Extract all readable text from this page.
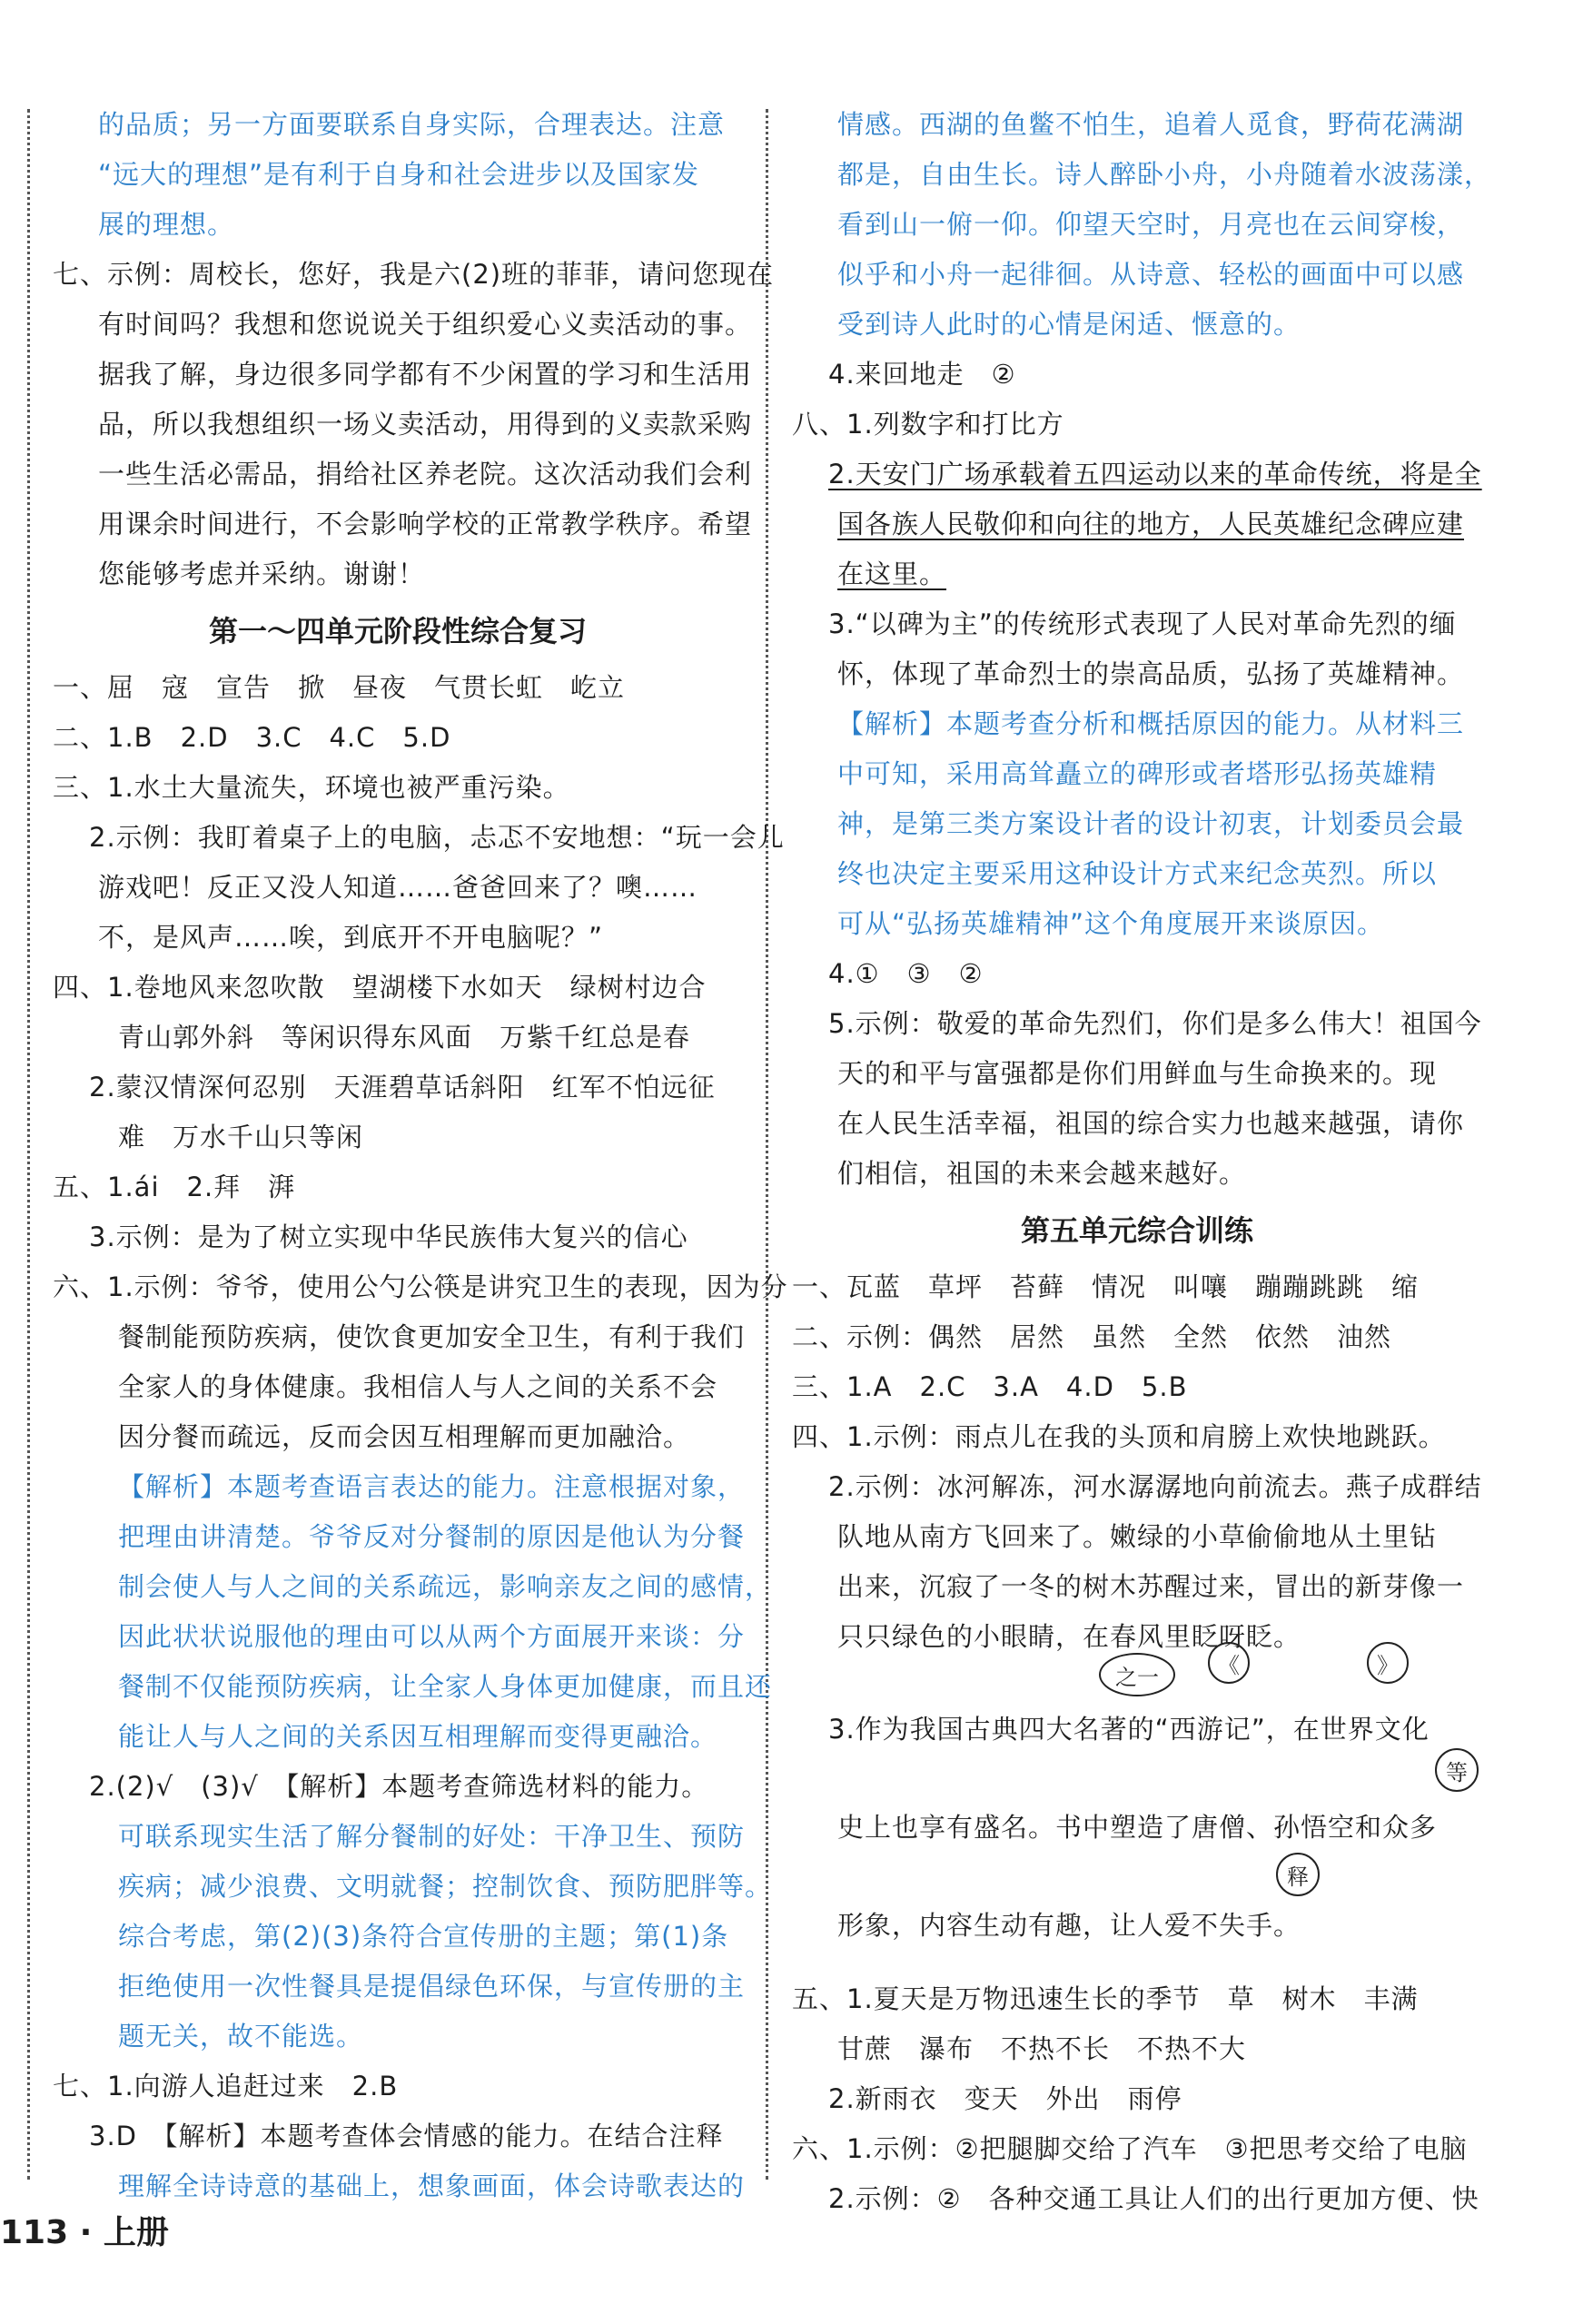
的品质；另一方面要联系自身实际，合理表达。注意
“远大的理想”是有利于自身和社会进步以及国家发
展的理想。
七、示例：周校长，您好，我是六(2)班的菲菲，请问您现在
有时间吗？我想和您说说关于组织爱心义卖活动的事。
据我了解，身边很多同学都有不少闲置的学习和生活用
品，所以我想组织一场义卖活动，用得到的义卖款采购
一些生活必需品，捐给社区养老院。这次活动我们会利
用课余时间进行，不会影响学校的正常教学秩序。希望
您能够考虑并采纳。谢谢！
第一～四单元阶段性综合复习
一、屈　寇　宣告　掀　昼夜　气贯长虹　屹立
二、1.B　2.D　3.C　4.C　5.D
三、1.水土大量流失，环境也被严重污染。
2.示例：我盯着桌子上的电脑，忐忑不安地想：“玩一会儿
游戏吧！反正又没人知道……爸爸回来了？噢……
不，是风声……唉，到底开不开电脑呢？”
四、1.卷地风来忽吹散　望湖楼下水如天　绿树村边合
青山郭外斜　等闲识得东风面　万紫千红总是春
2.蒙汉情深何忍别　天涯碧草话斜阳　红军不怕远征
难　万水千山只等闲
五、1.ái　2.拜　湃
3.示例：是为了树立实现中华民族伟大复兴的信心
六、1.示例：爷爷，使用公勺公筷是讲究卫生的表现，因为分
餐制能预防疾病，使饮食更加安全卫生，有利于我们
全家人的身体健康。我相信人与人之间的关系不会
因分餐而疏远，反而会因互相理解而更加融洽。
【解析】本题考查语言表达的能力。注意根据对象，
把理由讲清楚。爷爷反对分餐制的原因是他认为分餐
制会使人与人之间的关系疏远，影响亲友之间的感情，
因此状状说服他的理由可以从两个方面展开来谈：分
餐制不仅能预防疾病，让全家人身体更加健康，而且还
能让人与人之间的关系因互相理解而变得更融洽。
2.(2)√　(3)√　【解析】本题考查筛选材料的能力。
可联系现实生活了解分餐制的好处：干净卫生、预防
疾病；减少浪费、文明就餐；控制饮食、预防肥胖等。
综合考虑，第(2)(3)条符合宣传册的主题；第(1)条
拒绝使用一次性餐具是提倡绿色环保，与宣传册的主
题无关，故不能选。
七、1.向游人追赶过来　2.B
3.D　【解析】本题考查体会情感的能力。在结合注释
理解全诗诗意的基础上，想象画面，体会诗歌表达的
情感。西湖的鱼鳖不怕生，追着人觅食，野荷花满湖
都是，自由生长。诗人醉卧小舟，小舟随着水波荡漾，
看到山一俯一仰。仰望天空时，月亮也在云间穿梭，
似乎和小舟一起徘徊。从诗意、轻松的画面中可以感
受到诗人此时的心情是闲适、惬意的。
4.来回地走　②
八、1.列数字和打比方
2.天安门广场承载着五四运动以来的革命传统，将是全
国各族人民敬仰和向往的地方，人民英雄纪念碑应建
在这里。
3.“以碑为主”的传统形式表现了人民对革命先烈的缅
怀，体现了革命烈士的崇高品质，弘扬了英雄精神。
【解析】本题考查分析和概括原因的能力。从材料三
中可知，采用高耸矗立的碑形或者塔形弘扬英雄精
神，是第三类方案设计者的设计初衷，计划委员会最
终也决定主要采用这种设计方式来纪念英烈。所以
可从“弘扬英雄精神”这个角度展开来谈原因。
4.①　③　②
5.示例：敬爱的革命先烈们，你们是多么伟大！祖国今
天的和平与富强都是你们用鲜血与生命换来的。现
在人民生活幸福，祖国的综合实力也越来越强，请你
们相信，祖国的未来会越来越好。
第五单元综合训练
一、瓦蓝　草坪　苔藓　情况　叫嚷　蹦蹦跳跳　缩
二、示例：偶然　居然　虽然　全然　依然　油然
三、1.A　2.C　3.A　4.D　5.B
四、1.示例：雨点儿在我的头顶和肩膀上欢快地跳跃。
2.示例：冰河解冻，河水潺潺地向前流去。燕子成群结
队地从南方飞回来了。嫩绿的小草偷偷地从土里钻
出来，沉寂了一冬的树木苏醒过来，冒出的新芽像一
只只绿色的小眼睛，在春风里眨呀眨。
3.作为我国古典四大名著的“西游记”，在世界文化
史上也享有盛名。书中塑造了唐僧、孙悟空和众多
形象，内容生动有趣，让人爱不失手。
五、1.夏天是万物迅速生长的季节　草　树木　丰满
甘蔗　瀑布　不热不长　不热不大
2.新雨衣　变天　外出　雨停
六、1.示例：②把腿脚交给了汽车　③把思考交给了电脑
2.示例：②　各种交通工具让人们的出行更加方便、快
之一	《	》
等
释
113 · 上册
